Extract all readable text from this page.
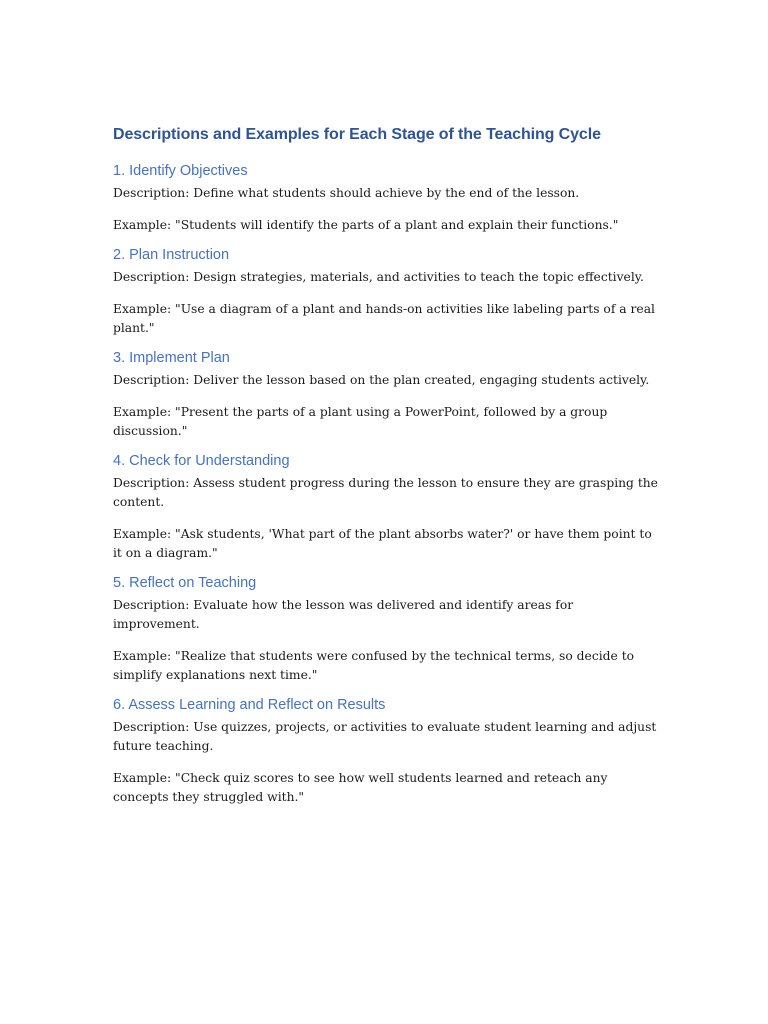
Descriptions and Examples for Each Stage of the Teaching Cycle
1. Identify Objectives

Description: Define what students should achieve by the end of the lesson.

Example: "Students will identify the parts of a plant and explain their functions."

2. Plan Instruction

Description: Design strategies, materials, and activities to teach the topic effectively.

Example: "Use a diagram of a plant and hands-on activities like labeling parts of a real plant."

3. Implement Plan

Description: Deliver the lesson based on the plan created, engaging students actively.

Example: "Present the parts of a plant using a PowerPoint, followed by a group discussion."

4. Check for Understanding

Description: Assess student progress during the lesson to ensure they are grasping the content.

Example: "Ask students, 'What part of the plant absorbs water?' or have them point to it on a diagram."

5. Reflect on Teaching

Description: Evaluate how the lesson was delivered and identify areas for improvement.

Example: "Realize that students were confused by the technical terms, so decide to simplify explanations next time."

6. Assess Learning and Reflect on Results

Description: Use quizzes, projects, or activities to evaluate student learning and adjust future teaching.

Example: "Check quiz scores to see how well students learned and reteach any concepts they struggled with."
